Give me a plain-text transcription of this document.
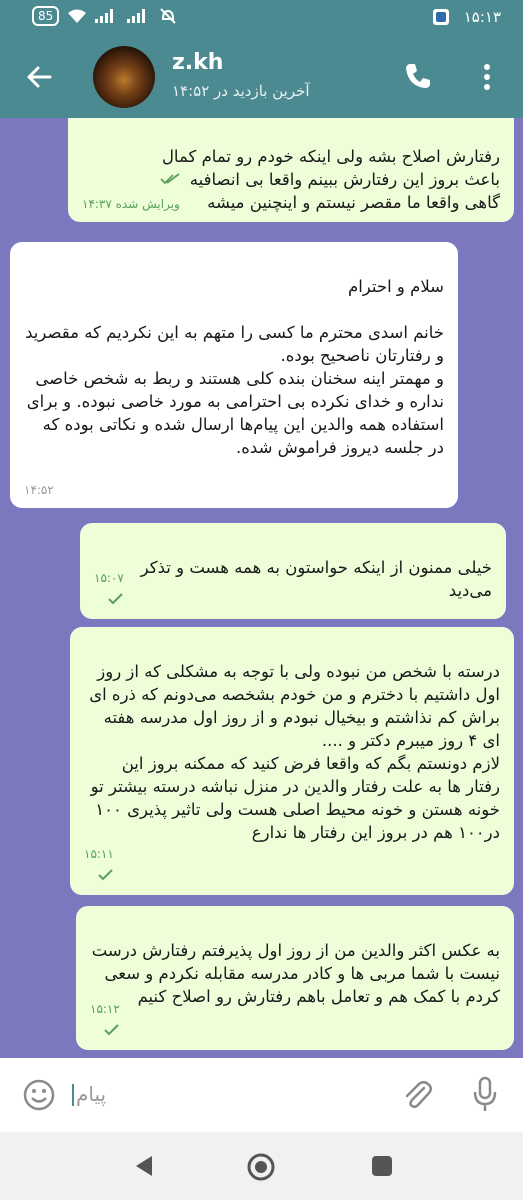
85	۱۵:۱۳
z.kh
آخرین بازدید در ۱۴:۵۲

رفتارش اصلاح بشه ولی اینکه خودم رو تمام کمال
باعث بروز این رفتارش ببینم واقعا بی انصافیه
گاهی واقعا ما مقصر نیستم و اینچنین میشه

۱۴:۳۷ ویرایش شده

سلام و احترام

خانم اسدی محترم ما کسی را متهم به این نکردیم که مقصرید و رفتارتان ناصحیح بوده.
و مهمتر اینه سخنان بنده کلی هستند و ربط به شخص خاصی نداره و خدای نکرده بی احترامی به مورد خاصی نبوده. و برای استفاده همه والدین این پیام‌ها ارسال شده و نکاتی بوده که در جلسه دیروز فراموش شده.

۱۴:۵۲

خیلی ممنون از اینکه حواستون به همه هست و تذکر می‌دید

۱۵:۰۷

درسته با شخص من نبوده ولی با توجه به مشکلی که از روز اول داشتیم با دخترم و من خودم بشخصه می‌دونم که ذره ای براش کم نذاشتم و بیخیال نبودم و از روز اول مدرسه هفته ای ۴ روز میبرم دکتر و ....
لازم دونستم بگم که واقعا فرض کنید که ممکنه بروز این رفتار ها به علت رفتار والدین در منزل نباشه درسته بیشتر تو خونه هستن و خونه محیط اصلی هست ولی تاثیر پذیری ۱۰۰ در۱۰۰ هم در بروز این رفتار ها ندارع

۱۵:۱۱

به عکس اکثر والدین من از روز اول پذیرفتم رفتارش درست نیست با شما مربی ها و کادر مدرسه مقابله نکردم و سعی کردم با کمک هم و تعامل باهم رفتارش رو اصلاح کنیم

۱۵:۱۲

پیام
